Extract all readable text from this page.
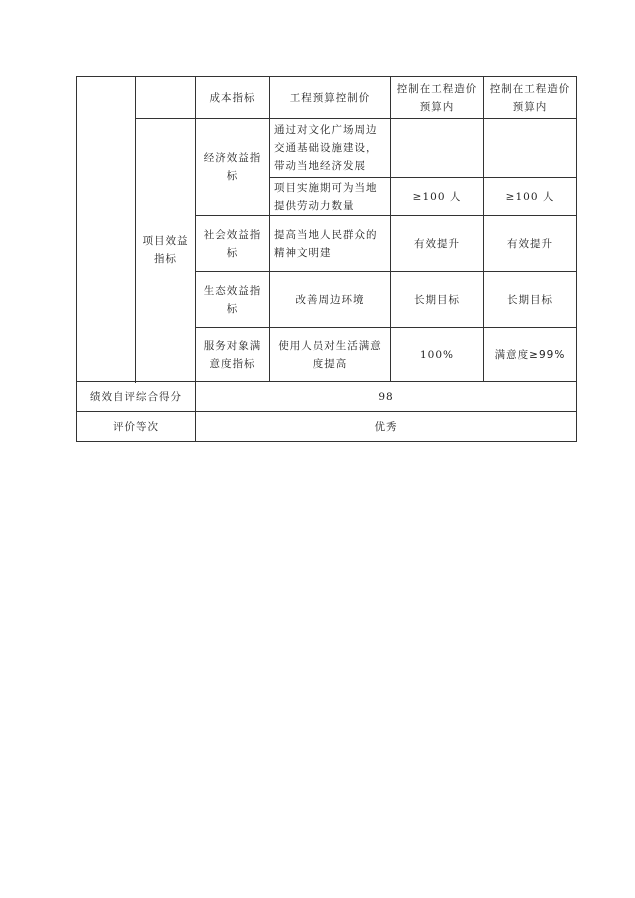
		成本指标	工程预算控制价	控制在工程造价预算内	控制在工程造价预算内
	项目效益指标	经济效益指标	通过对文化广场周边交通基础设施建设，带动当地经济发展		
			项目实施期可为当地提供劳动力数量	≥100 人	≥100 人
		社会效益指标	提高当地人民群众的精神文明建	有效提升	有效提升
		生态效益指标	改善周边环境	长期目标	长期目标
		服务对象满意度指标	使用人员对生活满意度提高	100%	满意度≥99%

绩效自评综合得分		98			
评价等次		优秀			
